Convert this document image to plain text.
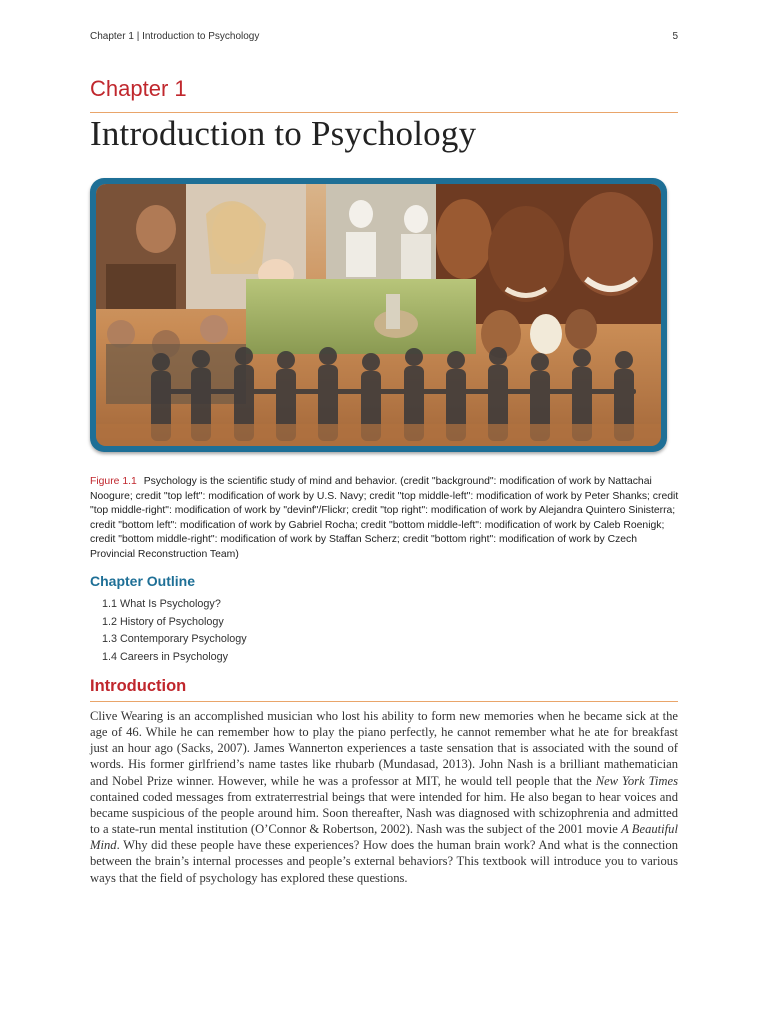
Chapter 1 | Introduction to Psychology	5
Chapter 1
Introduction to Psychology
Figure 1.1 Psychology is the scientific study of mind and behavior. (credit "background": modification of work by Nattachai Noogure; credit "top left": modification of work by U.S. Navy; credit "top middle-left": modification of work by Peter Shanks; credit "top middle-right": modification of work by "devinf"/Flickr; credit "top right": modification of work by Alejandra Quintero Sinisterra; credit "bottom left": modification of work by Gabriel Rocha; credit "bottom middle-left": modification of work by Caleb Roenigk; credit "bottom middle-right": modification of work by Staffan Scherz; credit "bottom right": modification of work by Czech Provincial Reconstruction Team)
Chapter Outline
1.1 What Is Psychology?
1.2 History of Psychology
1.3 Contemporary Psychology
1.4 Careers in Psychology
Introduction

Clive Wearing is an accomplished musician who lost his ability to form new memories when he became sick at the age of 46. While he can remember how to play the piano perfectly, he cannot remember what he ate for breakfast just an hour ago (Sacks, 2007). James Wannerton experiences a taste sensation that is associated with the sound of words. His former girlfriend’s name tastes like rhubarb (Mundasad, 2013). John Nash is a brilliant mathematician and Nobel Prize winner. However, while he was a professor at MIT, he would tell people that the New York Times contained coded messages from extraterrestrial beings that were intended for him. He also began to hear voices and became suspicious of the people around him. Soon thereafter, Nash was diagnosed with schizophrenia and admitted to a state-run mental institution (O’Connor & Robertson, 2002). Nash was the subject of the 2001 movie A Beautiful Mind. Why did these people have these experiences? How does the human brain work? And what is the connection between the brain’s internal processes and people’s external behaviors? This textbook will introduce you to various ways that the field of psychology has explored these questions.
